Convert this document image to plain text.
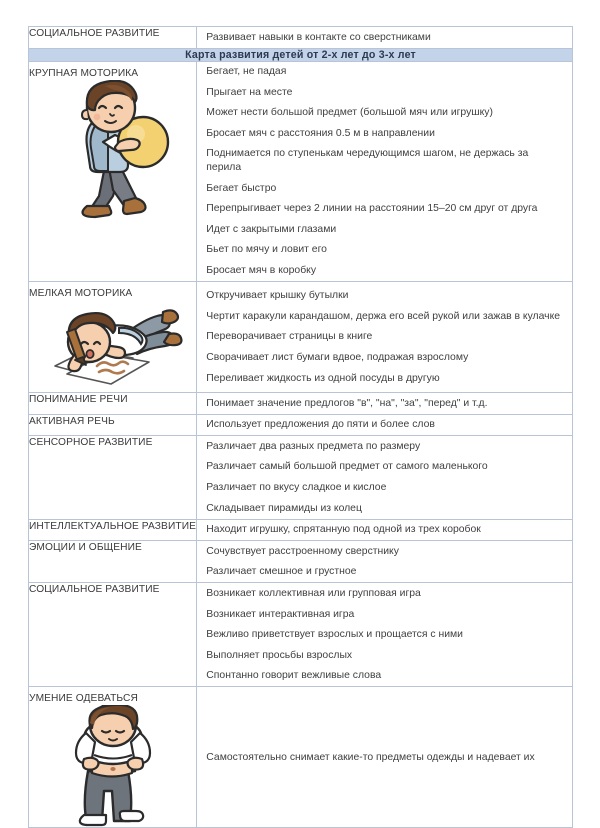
СОЦИАЛЬНОЕ РАЗВИТИЕ	Развивает навыки в контакте со сверстниками

Карта развития детей от 2-х лет до 3-х лет	

КРУПНАЯ МОТОРИКА	Бегает, не падая
Прыгает на месте
Может нести большой предмет (большой мяч или игрушку)
Бросает мяч с расстояния 0.5 м в направлении
Поднимается по ступенькам чередующимся шагом, не держась за перила
Бегает быстро
Перепрыгивает через 2 линии на расстоянии 15–20 см друг от друга
Идет с закрытыми глазами
Бьет по мячу и ловит его
Бросает мяч в коробку

МЕЛКАЯ МОТОРИКА	Откручивает крышку бутылки
Чертит каракули карандашом, держа его всей рукой или зажав в кулачке
Переворачивает страницы в книге
Сворачивает лист бумаги вдвое, подражая взрослому
Переливает жидкость из одной посуды в другую

ПОНИМАНИЕ РЕЧИ	Понимает значение предлогов "в", "на", "за", "перед" и т.д.

АКТИВНАЯ РЕЧЬ	Использует предложения до пяти и более слов

СЕНСОРНОЕ РАЗВИТИЕ	Различает два разных предмета по размеру
Различает самый большой предмет от самого маленького
Различает по вкусу сладкое и кислое
Складывает пирамиды из колец

ИНТЕЛЛЕКТУАЛЬНОЕ РАЗВИТИЕ	Находит игрушку, спрятанную под одной из трех коробок

ЭМОЦИИ И ОБЩЕНИЕ	Сочувствует расстроенному сверстнику
Различает смешное и грустное

СОЦИАЛЬНОЕ РАЗВИТИЕ	Возникает коллективная или групповая игра
Возникает интерактивная игра
Вежливо приветствует взрослых и прощается с ними
Выполняет просьбы взрослых
Спонтанно говорит вежливые слова

УМЕНИЕ ОДЕВАТЬСЯ	Самостоятельно снимает какие-то предметы одежды и надевает их
